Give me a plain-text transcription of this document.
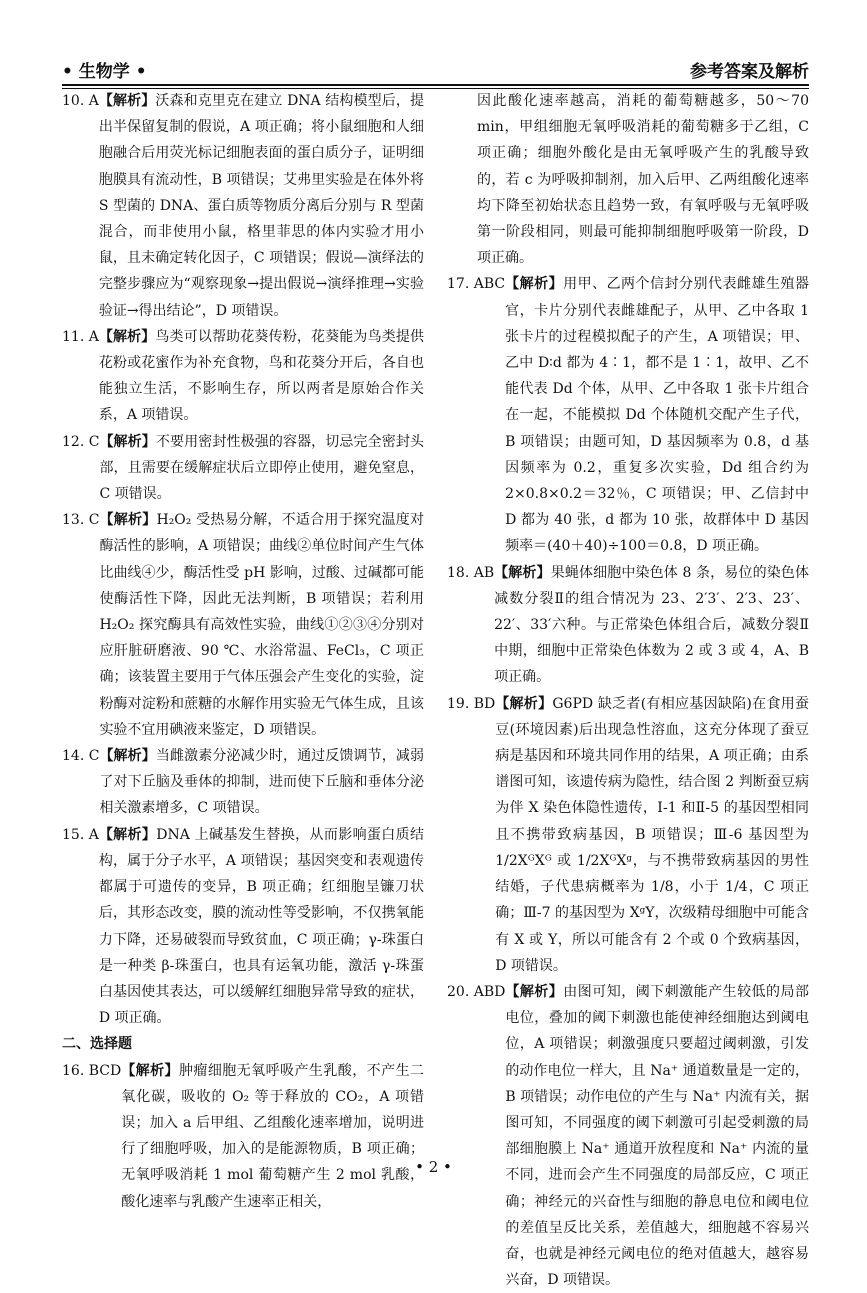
• 生物学 •	参考答案及解析
10. A 【解析】沃森和克里克在建立 DNA 结构模型后，提出半保留复制的假说，A 项正确；将小鼠细胞和人细胞融合后用荧光标记细胞表面的蛋白质分子，证明细胞膜具有流动性，B 项错误；艾弗里实验是在体外将 S 型菌的 DNA、蛋白质等物质分离后分别与 R 型菌混合，而非使用小鼠，格里菲思的体内实验才用小鼠，且未确定转化因子，C 项错误；假说—演绎法的完整步骤应为“观察现象→提出假说→演绎推理→实验验证→得出结论”，D 项错误。
11. A 【解析】鸟类可以帮助花葵传粉，花葵能为鸟类提供花粉或花蜜作为补充食物，鸟和花葵分开后，各自也能独立生活，不影响生存，所以两者是原始合作关系，A 项错误。
12. C 【解析】不要用密封性极强的容器，切忌完全密封头部，且需要在缓解症状后立即停止使用，避免窒息，C 项错误。
13. C 【解析】H₂O₂ 受热易分解，不适合用于探究温度对酶活性的影响，A 项错误；曲线②单位时间产生气体比曲线④少，酶活性受 pH 影响，过酸、过碱都可能使酶活性下降，因此无法判断，B 项错误；若利用 H₂O₂ 探究酶具有高效性实验，曲线①②③④分别对应肝脏研磨液、90 ℃、水浴常温、FeCl₃，C 项正确；该装置主要用于气体压强会产生变化的实验，淀粉酶对淀粉和蔗糖的水解作用实验无气体生成，且该实验不宜用碘液来鉴定，D 项错误。
14. C 【解析】当雌激素分泌减少时，通过反馈调节，减弱了对下丘脑及垂体的抑制，进而使下丘脑和垂体分泌相关激素增多，C 项错误。
15. A 【解析】DNA 上碱基发生替换，从而影响蛋白质结构，属于分子水平，A 项错误；基因突变和表观遗传都属于可遗传的变异，B 项正确；红细胞呈镰刀状后，其形态改变，膜的流动性等受影响，不仅携氧能力下降，还易破裂而导致贫血，C 项正确；γ-珠蛋白是一种类 β-珠蛋白，也具有运氧功能，激活 γ-珠蛋白基因使其表达，可以缓解红细胞异常导致的症状，D 项正确。
二、选择题
16. BCD 【解析】肿瘤细胞无氧呼吸产生乳酸，不产生二氧化碳，吸收的 O₂ 等于释放的 CO₂，A 项错误；加入 a 后甲组、乙组酸化速率增加，说明进行了细胞呼吸，加入的是能源物质，B 项正确；无氧呼吸消耗 1 mol 葡萄糖产生 2 mol 乳酸，酸化速率与乳酸产生速率正相关，
因此酸化速率越高，消耗的葡萄糖越多，50～70 min，甲组细胞无氧呼吸消耗的葡萄糖多于乙组，C 项正确；细胞外酸化是由无氧呼吸产生的乳酸导致的，若 c 为呼吸抑制剂，加入后甲、乙两组酸化速率均下降至初始状态且趋势一致，有氧呼吸与无氧呼吸第一阶段相同，则最可能抑制细胞呼吸第一阶段，D 项正确。
17. ABC 【解析】用甲、乙两个信封分别代表雌雄生殖器官，卡片分别代表雌雄配子，从甲、乙中各取 1 张卡片的过程模拟配子的产生，A 项错误；甲、乙中 D∶d 都为 4∶1，都不是 1∶1，故甲、乙不能代表 Dd 个体，从甲、乙中各取 1 张卡片组合在一起，不能模拟 Dd 个体随机交配产生子代，B 项错误；由题可知，D 基因频率为 0.8，d 基因频率为 0.2，重复多次实验，Dd 组合约为 2×0.8×0.2＝32％，C 项错误；甲、乙信封中 D 都为 40 张，d 都为 10 张，故群体中 D 基因频率＝(40＋40)÷100＝0.8，D 项正确。
18. AB 【解析】果蝇体细胞中染色体 8 条，易位的染色体减数分裂Ⅱ的组合情况为 23、2′3′、2′3、23′、22′、33′六种。与正常染色体组合后，减数分裂Ⅱ中期，细胞中正常染色体数为 2 或 3 或 4，A、B 项正确。
19. BD 【解析】G6PD 缺乏者(有相应基因缺陷)在食用蚕豆(环境因素)后出现急性溶血，这充分体现了蚕豆病是基因和环境共同作用的结果，A 项正确；由系谱图可知，该遗传病为隐性，结合图 2 判断蚕豆病为伴 X 染色体隐性遗传，Ⅰ-1 和Ⅱ-5 的基因型相同且不携带致病基因，B 项错误；Ⅲ-6 基因型为 1/2XᴳXᴳ 或 1/2XᴳXᵍ，与不携带致病基因的男性结婚，子代患病概率为 1/8，小于 1/4，C 项正确；Ⅲ-7 的基因型为 XᵍY，次级精母细胞中可能含有 X 或 Y，所以可能含有 2 个或 0 个致病基因，D 项错误。
20. ABD 【解析】由图可知，阈下刺激能产生较低的局部电位，叠加的阈下刺激也能使神经细胞达到阈电位，A 项错误；刺激强度只要超过阈刺激，引发的动作电位一样大，且 Na⁺ 通道数量是一定的，B 项错误；动作电位的产生与 Na⁺ 内流有关，据图可知，不同强度的阈下刺激可引起受刺激的局部细胞膜上 Na⁺ 通道开放程度和 Na⁺ 内流的量不同，进而会产生不同强度的局部反应，C 项正确；神经元的兴奋性与细胞的静息电位和阈电位的差值呈反比关系，差值越大，细胞越不容易兴奋，也就是神经元阈电位的绝对值越大，越容易兴奋，D 项错误。
• 2 •
